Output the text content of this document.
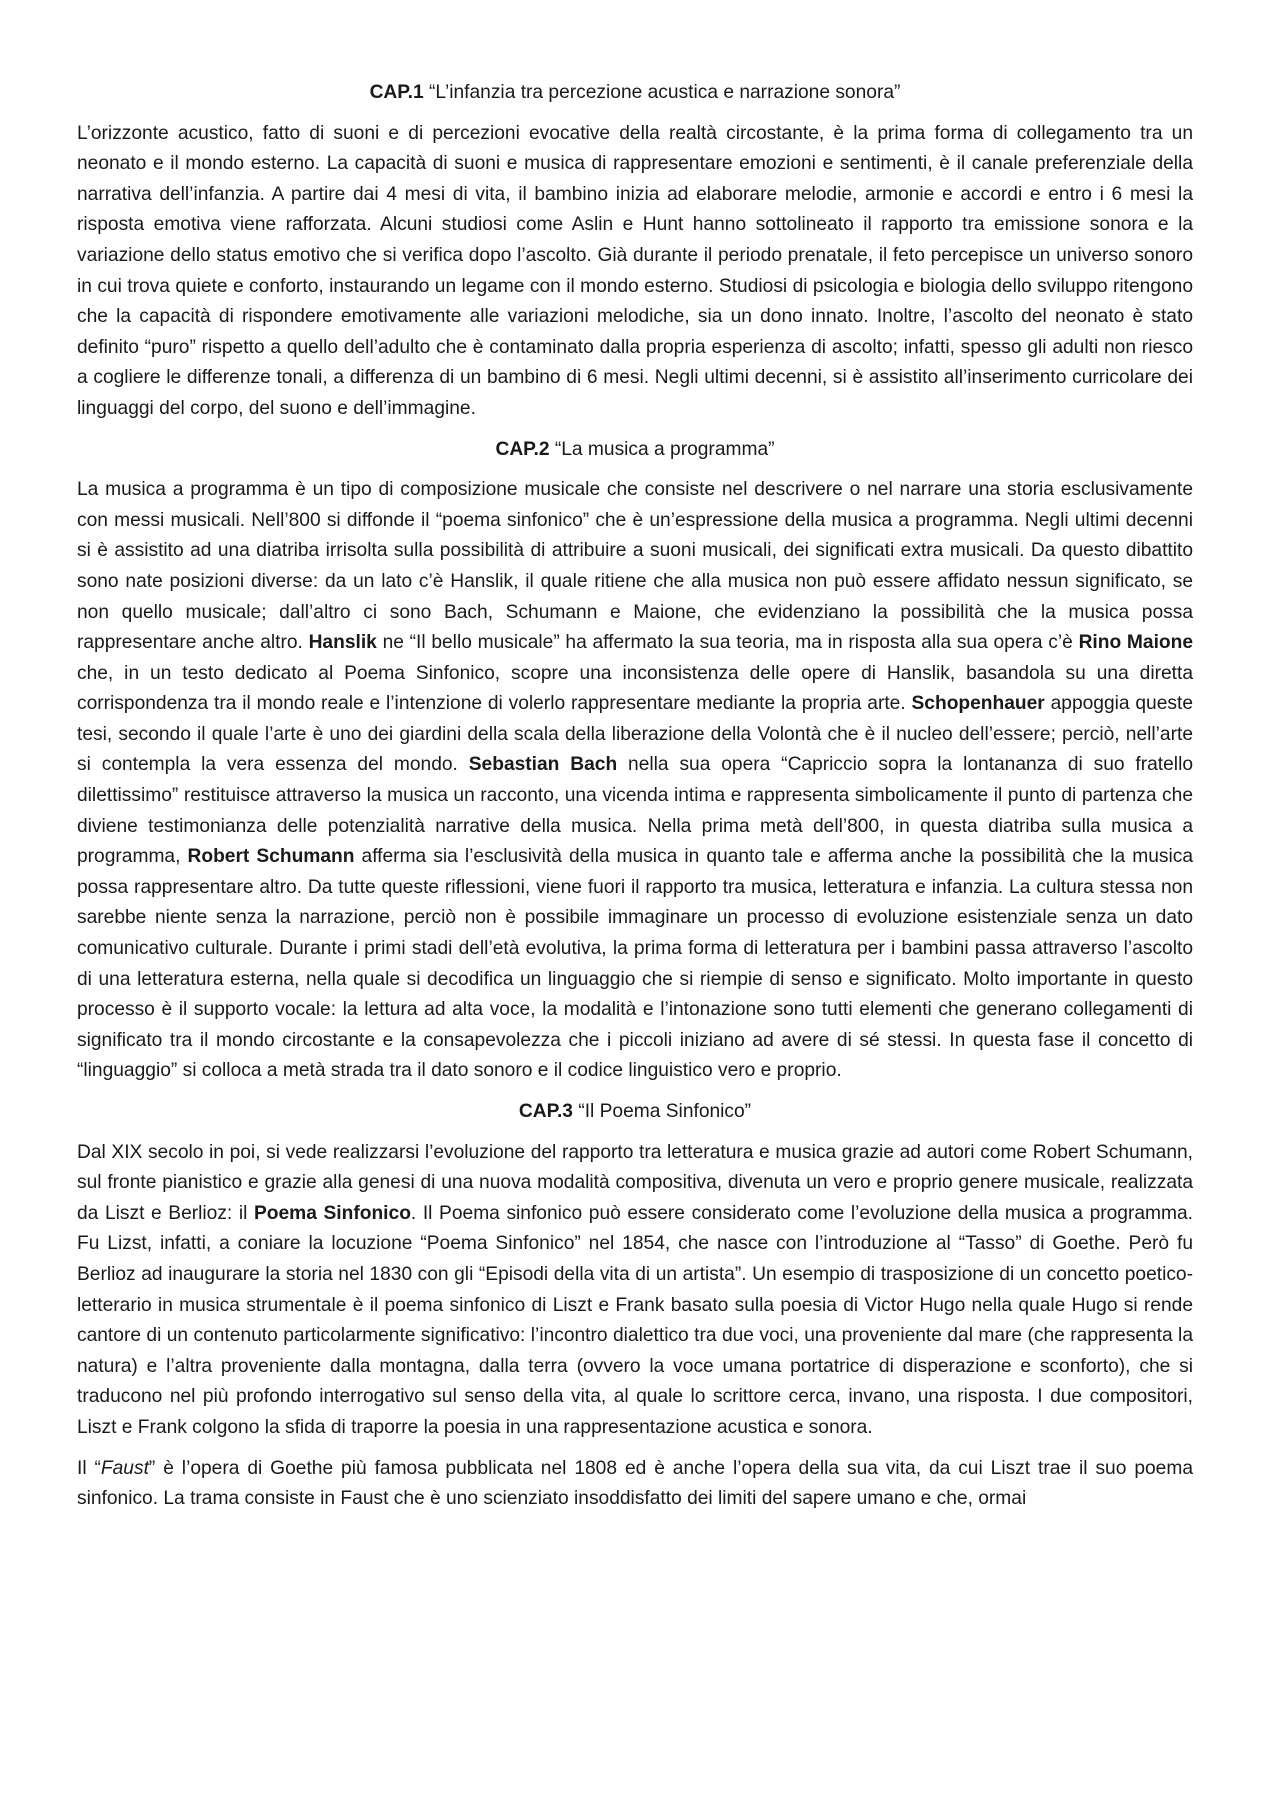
CAP.1 “L’infanzia tra percezione acustica e narrazione sonora”

L’orizzonte acustico, fatto di suoni e di percezioni evocative della realtà circostante, è la prima forma di collegamento tra un neonato e il mondo esterno. La capacità di suoni e musica di rappresentare emozioni e sentimenti, è il canale preferenziale della narrativa dell’infanzia. A partire dai 4 mesi di vita, il bambino inizia ad elaborare melodie, armonie e accordi e entro i 6 mesi la risposta emotiva viene rafforzata. Alcuni studiosi come Aslin e Hunt hanno sottolineato il rapporto tra emissione sonora e la variazione dello status emotivo che si verifica dopo l’ascolto. Già durante il periodo prenatale, il feto percepisce un universo sonoro in cui trova quiete e conforto, instaurando un legame con il mondo esterno. Studiosi di psicologia e biologia dello sviluppo ritengono che la capacità di rispondere emotivamente alle variazioni melodiche, sia un dono innato. Inoltre, l’ascolto del neonato è stato definito “puro” rispetto a quello dell’adulto che è contaminato dalla propria esperienza di ascolto; infatti, spesso gli adulti non riesco a cogliere le differenze tonali, a differenza di un bambino di 6 mesi. Negli ultimi decenni, si è assistito all’inserimento curricolare dei linguaggi del corpo, del suono e dell’immagine.

CAP.2 “La musica a programma”

La musica a programma è un tipo di composizione musicale che consiste nel descrivere o nel narrare una storia esclusivamente con messi musicali. Nell’800 si diffonde il “poema sinfonico” che è un’espressione della musica a programma. Negli ultimi decenni si è assistito ad una diatriba irrisolta sulla possibilità di attribuire a suoni musicali, dei significati extra musicali. Da questo dibattito sono nate posizioni diverse: da un lato c’è Hanslik, il quale ritiene che alla musica non può essere affidato nessun significato, se non quello musicale; dall’altro ci sono Bach, Schumann e Maione, che evidenziano la possibilità che la musica possa rappresentare anche altro. Hanslik ne “Il bello musicale” ha affermato la sua teoria, ma in risposta alla sua opera c’è Rino Maione che, in un testo dedicato al Poema Sinfonico, scopre una inconsistenza delle opere di Hanslik, basandola su una diretta corrispondenza tra il mondo reale e l’intenzione di volerlo rappresentare mediante la propria arte. Schopenhauer appoggia queste tesi, secondo il quale l’arte è uno dei giardini della scala della liberazione della Volontà che è il nucleo dell’essere; perciò, nell’arte si contempla la vera essenza del mondo. Sebastian Bach nella sua opera “Capriccio sopra la lontananza di suo fratello dilettissimo” restituisce attraverso la musica un racconto, una vicenda intima e rappresenta simbolicamente il punto di partenza che diviene testimonianza delle potenzialità narrative della musica. Nella prima metà dell’800, in questa diatriba sulla musica a programma, Robert Schumann afferma sia l’esclusività della musica in quanto tale e afferma anche la possibilità che la musica possa rappresentare altro. Da tutte queste riflessioni, viene fuori il rapporto tra musica, letteratura e infanzia. La cultura stessa non sarebbe niente senza la narrazione, perciò non è possibile immaginare un processo di evoluzione esistenziale senza un dato comunicativo culturale. Durante i primi stadi dell’età evolutiva, la prima forma di letteratura per i bambini passa attraverso l’ascolto di una letteratura esterna, nella quale si decodifica un linguaggio che si riempie di senso e significato. Molto importante in questo processo è il supporto vocale: la lettura ad alta voce, la modalità e l’intonazione sono tutti elementi che generano collegamenti di significato tra il mondo circostante e la consapevolezza che i piccoli iniziano ad avere di sé stessi. In questa fase il concetto di “linguaggio” si colloca a metà strada tra il dato sonoro e il codice linguistico vero e proprio.

CAP.3 “Il Poema Sinfonico”

Dal XIX secolo in poi, si vede realizzarsi l’evoluzione del rapporto tra letteratura e musica grazie ad autori come Robert Schumann, sul fronte pianistico e grazie alla genesi di una nuova modalità compositiva, divenuta un vero e proprio genere musicale, realizzata da Liszt e Berlioz: il Poema Sinfonico. Il Poema sinfonico può essere considerato come l’evoluzione della musica a programma. Fu Lizst, infatti, a coniare la locuzione “Poema Sinfonico” nel 1854, che nasce con l’introduzione al “Tasso” di Goethe. Però fu Berlioz ad inaugurare la storia nel 1830 con gli “Episodi della vita di un artista”. Un esempio di trasposizione di un concetto poetico-letterario in musica strumentale è il poema sinfonico di Liszt e Frank basato sulla poesia di Victor Hugo nella quale Hugo si rende cantore di un contenuto particolarmente significativo: l’incontro dialettico tra due voci, una proveniente dal mare (che rappresenta la natura) e l’altra proveniente dalla montagna, dalla terra (ovvero la voce umana portatrice di disperazione e sconforto), che si traducono nel più profondo interrogativo sul senso della vita, al quale lo scrittore cerca, invano, una risposta. I due compositori, Liszt e Frank colgono la sfida di traporre la poesia in una rappresentazione acustica e sonora.

Il “Faust” è l’opera di Goethe più famosa pubblicata nel 1808 ed è anche l’opera della sua vita, da cui Liszt trae il suo poema sinfonico. La trama consiste in Faust che è uno scienziato insoddisfatto dei limiti del sapere umano e che, ormai
